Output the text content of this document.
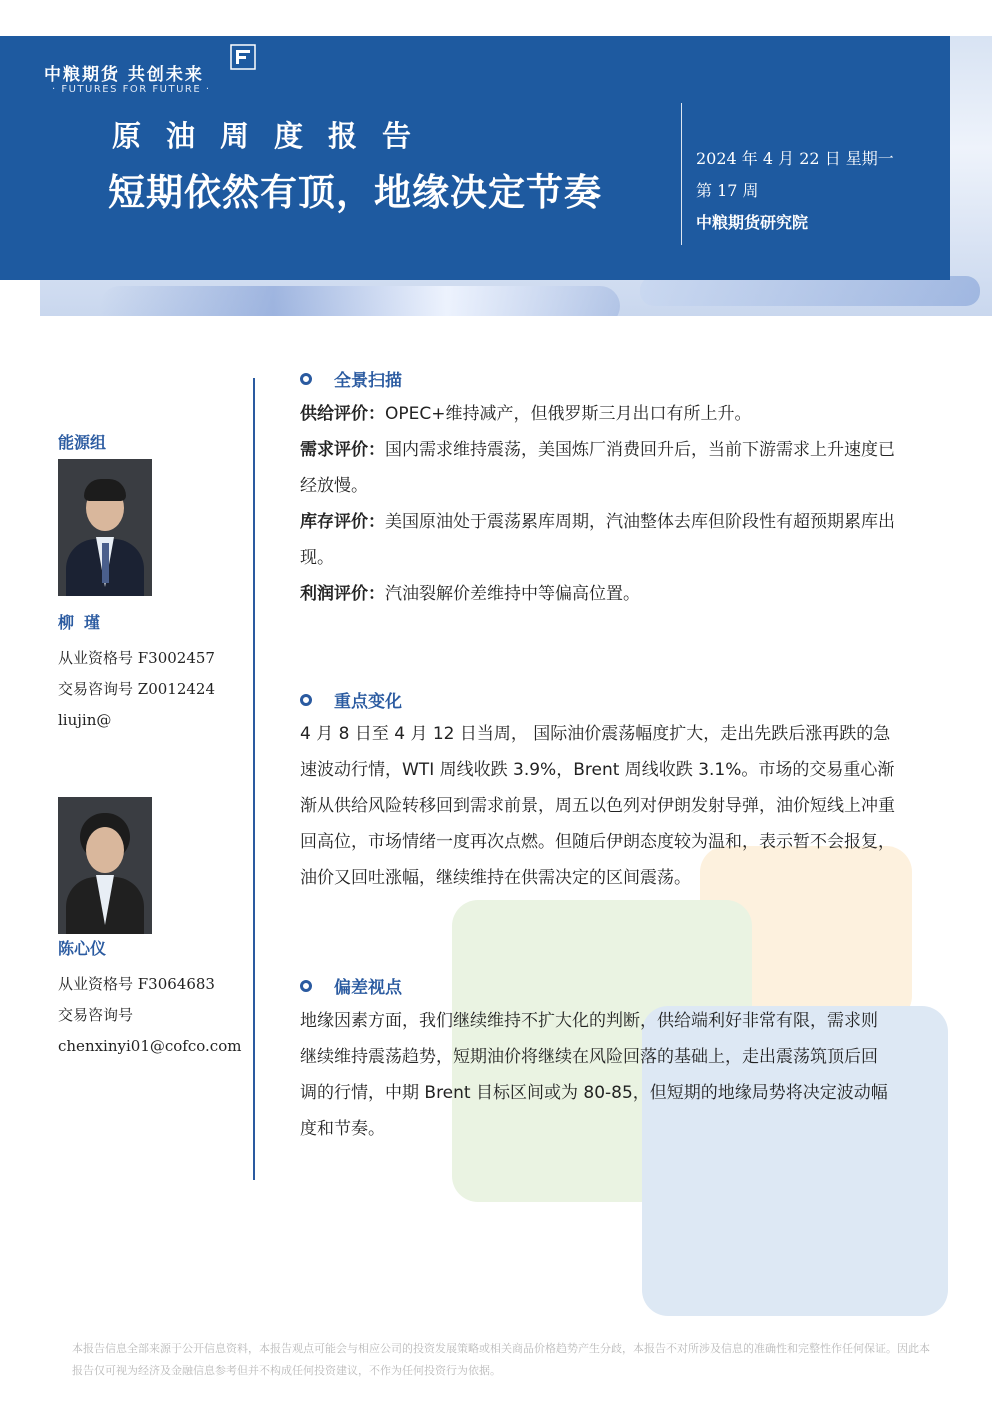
中粮期货 共创未来
· FUTURES FOR FUTURE ·
原油周度报告
短期依然有顶，地缘决定节奏
2024 年 4 月 22 日 星期一
第 17 周
中粮期货研究院
能源组
柳瑾
从业资格号 F3002457
交易咨询号 Z0012424
liujin@
陈心仪
从业资格号 F3064683
交易咨询号
chenxinyi01@cofco.com
全景扫描
供给评价：OPEC+维持减产，但俄罗斯三月出口有所上升。
需求评价：国内需求维持震荡，美国炼厂消费回升后，当前下游需求上升速度已经放慢。
库存评价：美国原油处于震荡累库周期，汽油整体去库但阶段性有超预期累库出现。
利润评价：汽油裂解价差维持中等偏高位置。
重点变化
4 月 8 日至 4 月 12 日当周， 国际油价震荡幅度扩大，走出先跌后涨再跌的急速波动行情，WTI 周线收跌 3.9%，Brent 周线收跌 3.1%。市场的交易重心渐渐从供给风险转移回到需求前景，周五以色列对伊朗发射导弹，油价短线上冲重回高位，市场情绪一度再次点燃。但随后伊朗态度较为温和，表示暂不会报复，油价又回吐涨幅，继续维持在供需决定的区间震荡。
偏差视点
地缘因素方面，我们继续维持不扩大化的判断，供给端利好非常有限，需求则继续维持震荡趋势，短期油价将继续在风险回落的基础上，走出震荡筑顶后回调的行情，中期 Brent 目标区间或为 80-85，但短期的地缘局势将决定波动幅度和节奏。
本报告信息全部来源于公开信息资料，本报告观点可能会与相应公司的投资发展策略或相关商品价格趋势产生分歧，本报告不对所涉及信息的准确性和完整性作任何保证。因此本报告仅可视为经济及金融信息参考但并不构成任何投资建议，不作为任何投资行为依据。
